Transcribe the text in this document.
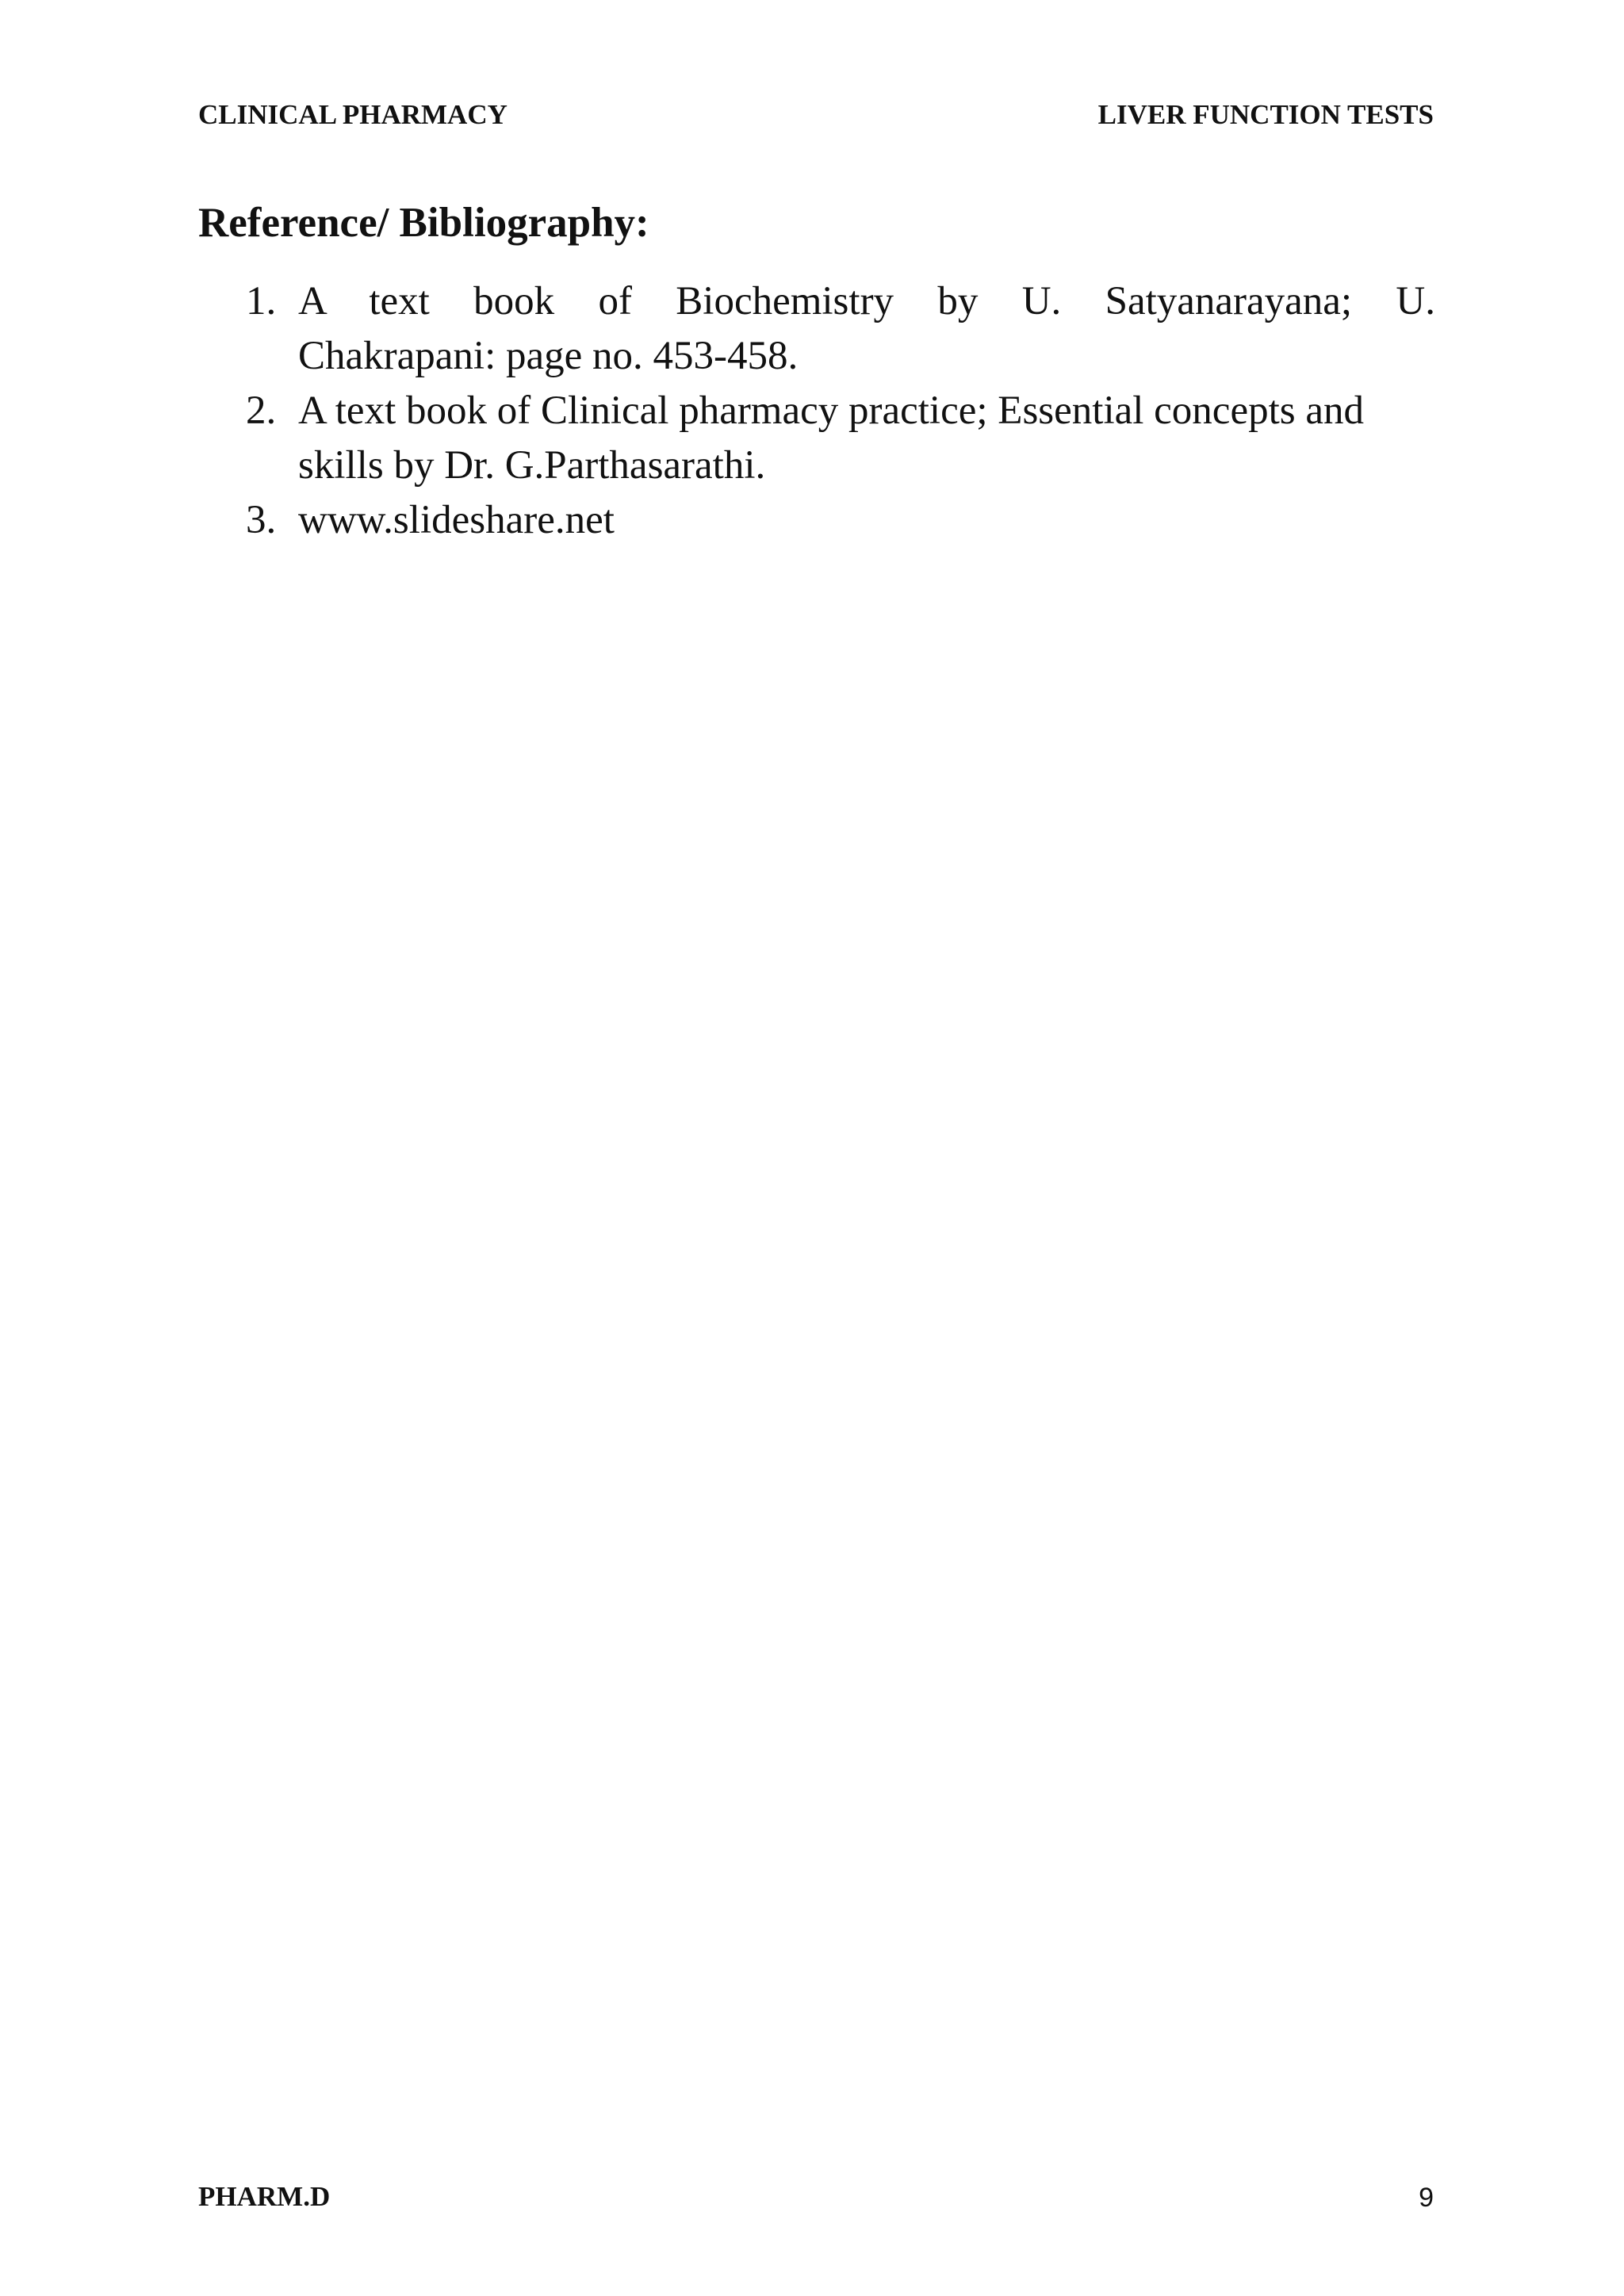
CLINICAL PHARMACY	LIVER FUNCTION TESTS
Reference/ Bibliography:
1. A text book of Biochemistry by U. Satyanarayana; U.
Chakrapani: page no. 453-458.
2. A text book of Clinical pharmacy practice; Essential concepts and
skills by Dr. G.Parthasarathi.
3. www.slideshare.net
PHARM.D	9
